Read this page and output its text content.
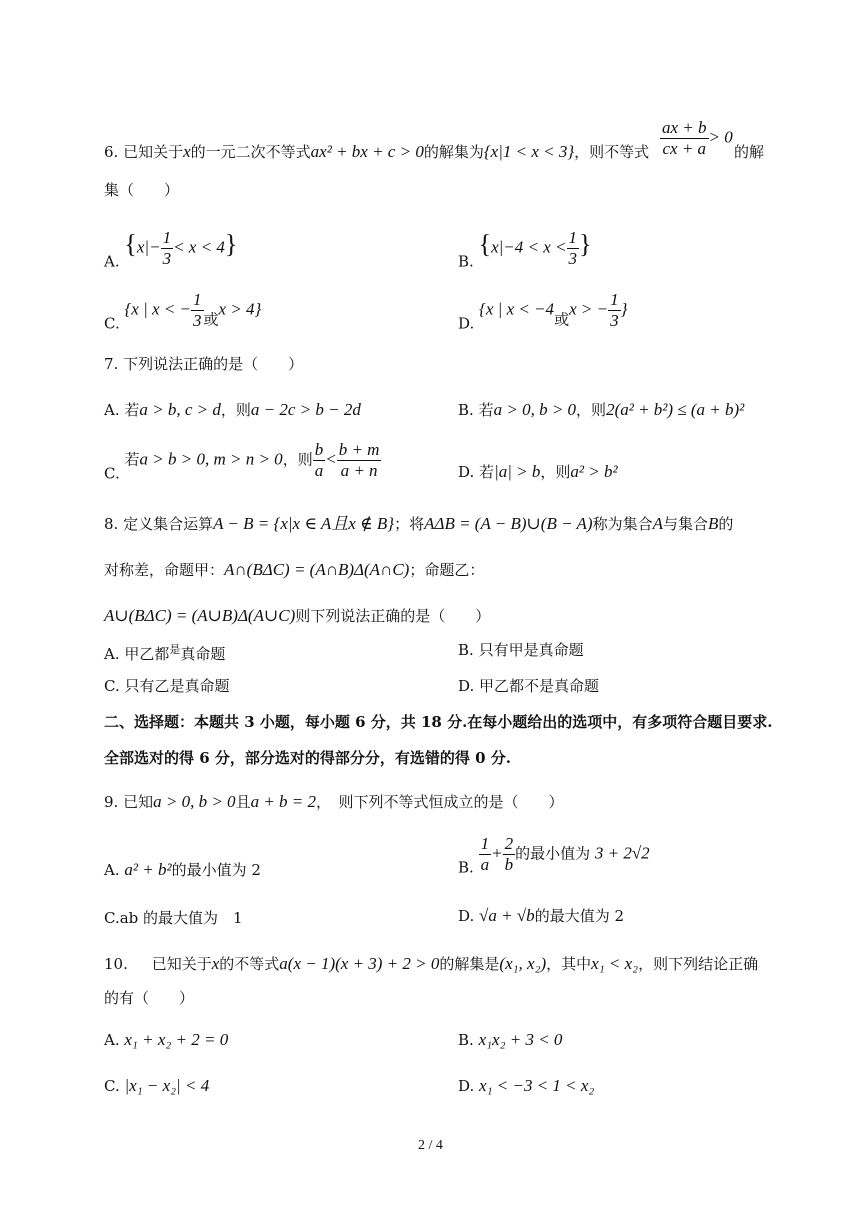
6. 已知关于x的一元二次不等式ax² + bx + c > 0的解集为{x|1 < x < 3}，则不等式 $\frac{ax + b}{cx + a} > 0$
的解
集（　　）
A. $\{x|- \frac{1}{3} < x < 4\}$
B. {$x|-4 < x < \frac{1}{3}$ }
C. {x | x < − $\frac{1}{3}$ 或x > 4}
D. {x | x < −4或x > − $\frac{1}{3}$ }
7. 下列说法正确的是（　　）
A. 若a > b, c > d，则a − 2c > b − 2d	B. 若a > 0, b > 0，则2(a² + b²) ≤ (a + b)²
C. 若a > b > 0, m > n > 0，则 $\frac{b}{a} < \frac{b + m}{a + n}$	D. 若|a| > b，则a² > b²
8. 定义集合运算A − B = {x|x ∈ A且x ∉ B}；将AΔB = (A − B)∪(B − A)称为集合A与集合B的
对称差，命题甲：A∩(BΔC) = (A∩B)Δ(A∩C)；命题乙：
A∪(BΔC) = (A∪B)Δ(A∪C)则下列说法正确的是（　　）
A. 甲乙都$^是$真命题	B. 只有甲是真命题
C. 只有乙是真命题	D. 甲乙都不是真命题
二、选择题：本题共 3 小题，每小题 6 分，共 18 分.在每小题给出的选项中，有多项符合题目要求.
全部选对的得 6 分，部分选对的得部分分，有选错的得 0 分.
9. 已知a > 0, b > 0且a + b = 2，　则下列不等式恒成立的是（　　）
A. a² + b²的最小值为 2	B. $\frac{1}{a} + \frac{2}{b}$ 的最小值为 3 + 2√2
C.ab 的最大值为　1	D. √a + √b的最大值为 2
10. 已知关于x的不等式a(x − 1)(x + 3) + 2 > 0的解集是(x₁, x₂)，其中x₁ < x₂，则下列结论正确
的有（　　）
A. x₁ + x₂ + 2 = 0	B. x₁x₂ + 3 < 0
C. |x₁ − x₂| < 4	D. x₁ < −3 < 1 < x₂
2 / 4
